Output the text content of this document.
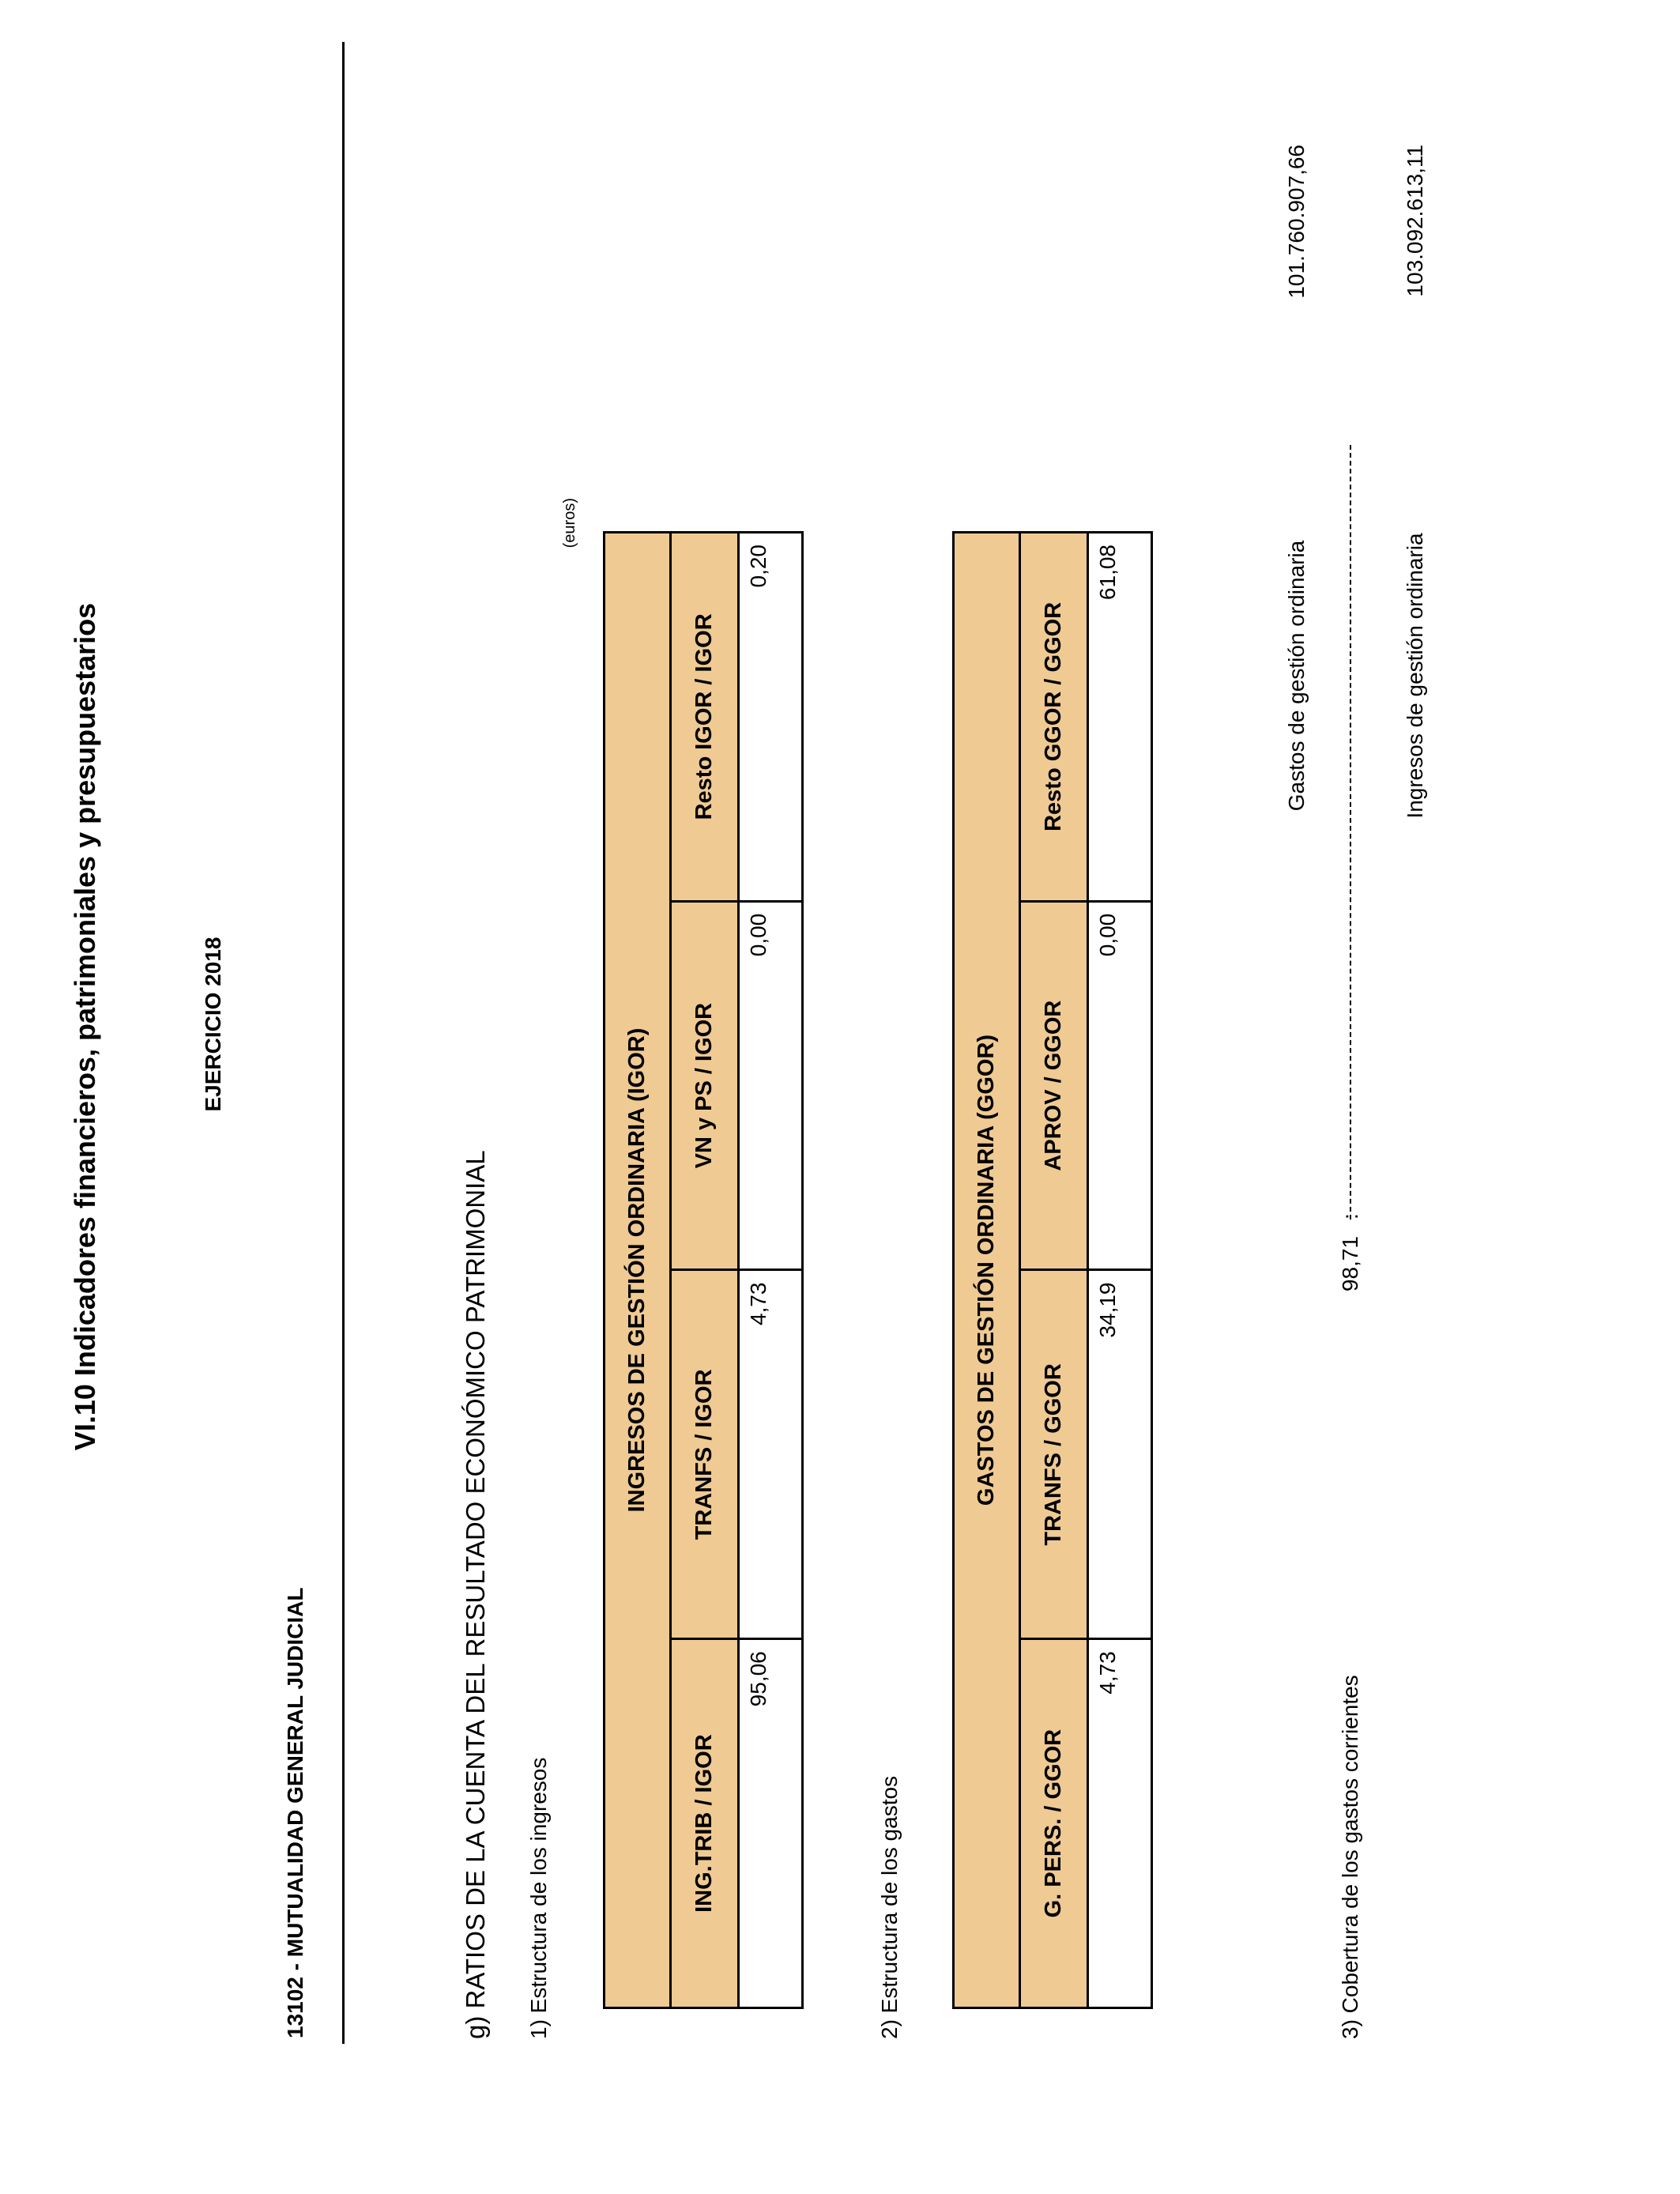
VI.10 Indicadores financieros, patrimoniales y presupuestarios	EJERCICIO 2018
13102 - MUTUALIDAD GENERAL JUDICIAL	g) RATIOS DE LA CUENTA DEL RESULTADO ECONÓMICO PATRIMONIAL 1) Estructura de los ingresos
(euros)
INGRESOS DE GESTIÓN ORDINARIA (IGOR)			
ING.TRIB / IGOR	TRANFS / IGOR	VN y PS / IGOR	Resto IGOR / IGOR
95,06	4,73	0,00	0,20
2) Estructura de los gastos
GASTOS DE GESTIÓN ORDINARIA (GGOR)			
G. PERS. / GGOR	TRANFS / GGOR	APROV / GGOR	Resto GGOR / GGOR
4,73	34,19	0,00	61,08
3) Cobertura de los gastos corrientes
98,71
:
Gastos de gestión ordinaria	Ingresos de gestión ordinaria
101.760.907,66	103.092.613,11
